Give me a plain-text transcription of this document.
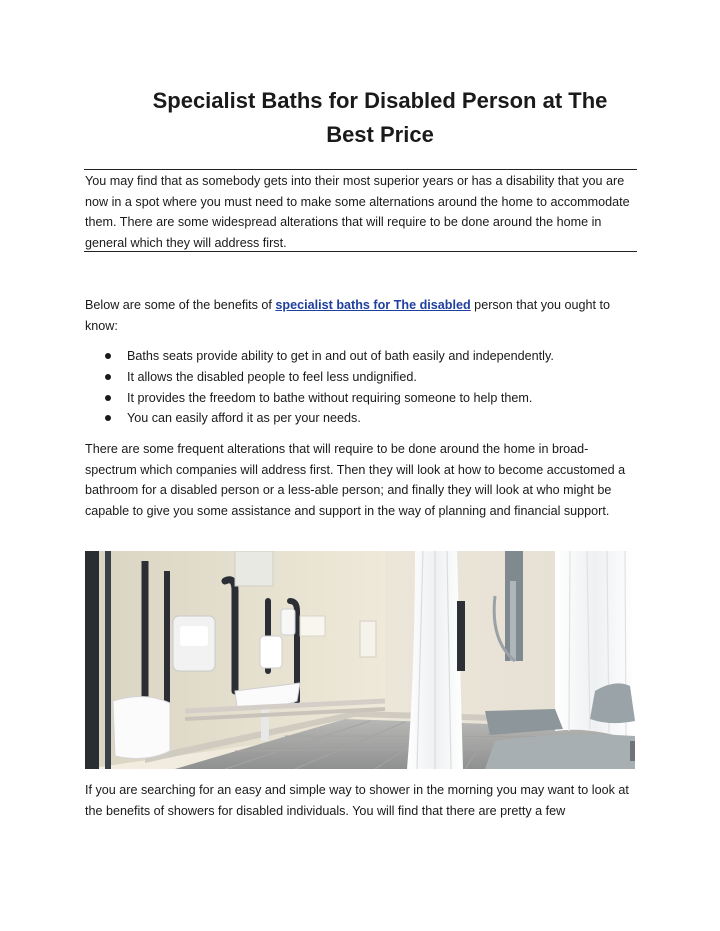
Specialist Baths for Disabled Person at The
Best Price

You may find that as somebody gets into their most superior years or has a disability that you are now in a spot where you must need to make some alternations around the home to accommodate them. There are some widespread alterations that will require to be done around the home in general which they will address first.

Below are some of the benefits of specialist baths for The disabled person that you ought to know:

Baths seats provide ability to get in and out of bath easily and independently.
It allows the disabled people to feel less undignified.
It provides the freedom to bathe without requiring someone to help them.
You can easily afford it as per your needs.

There are some frequent alterations that will require to be done around the home in broad-spectrum which companies will address first. Then they will look at how to become accustomed a bathroom for a disabled person or a less-able person; and finally they will look at who might be capable to give you some assistance and support in the way of planning and financial support.

If you are searching for an easy and simple way to shower in the morning you may want to look at the benefits of showers for disabled individuals. You will find that there are pretty a few
